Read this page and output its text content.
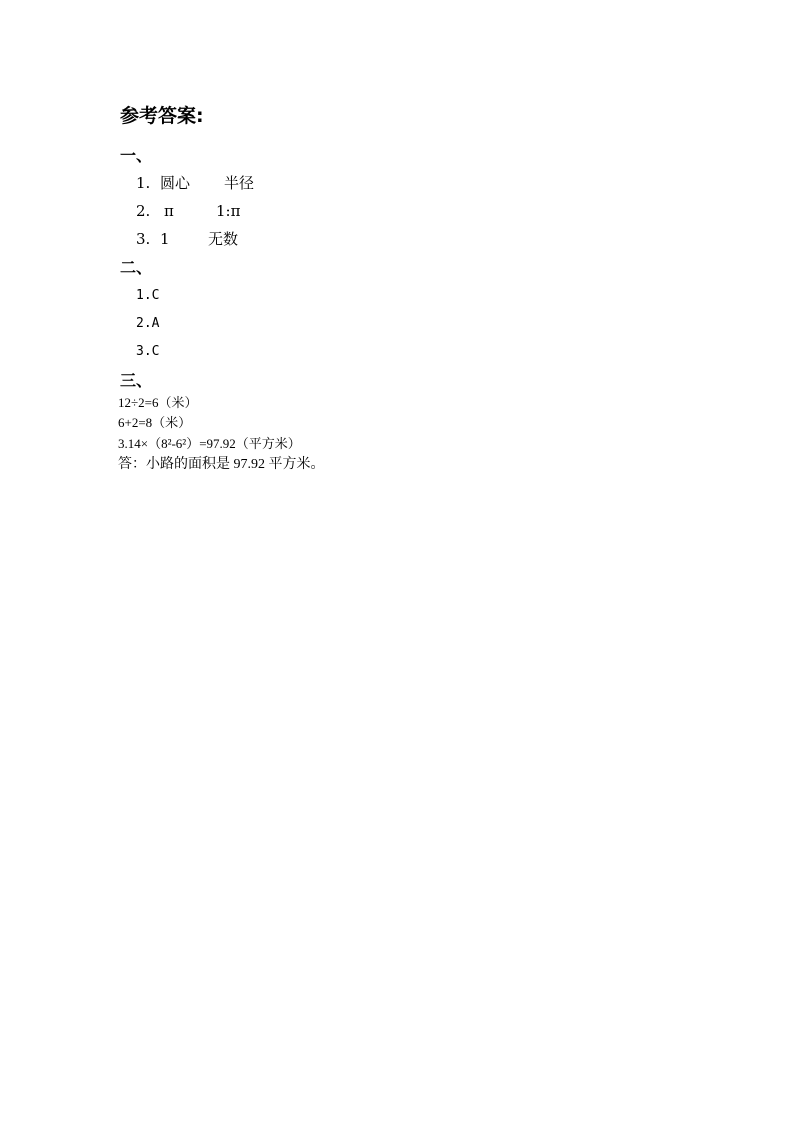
参考答案:
一、
1. 圆心 半径
2. π	1:π
3. 1	无数
二、
1.C
2.A
3.C
三、
12÷2=6（米）
6+2=8（米）
3.14×（8²-6²）=97.92（平方米）
答：小路的面积是 97.92 平方米。
